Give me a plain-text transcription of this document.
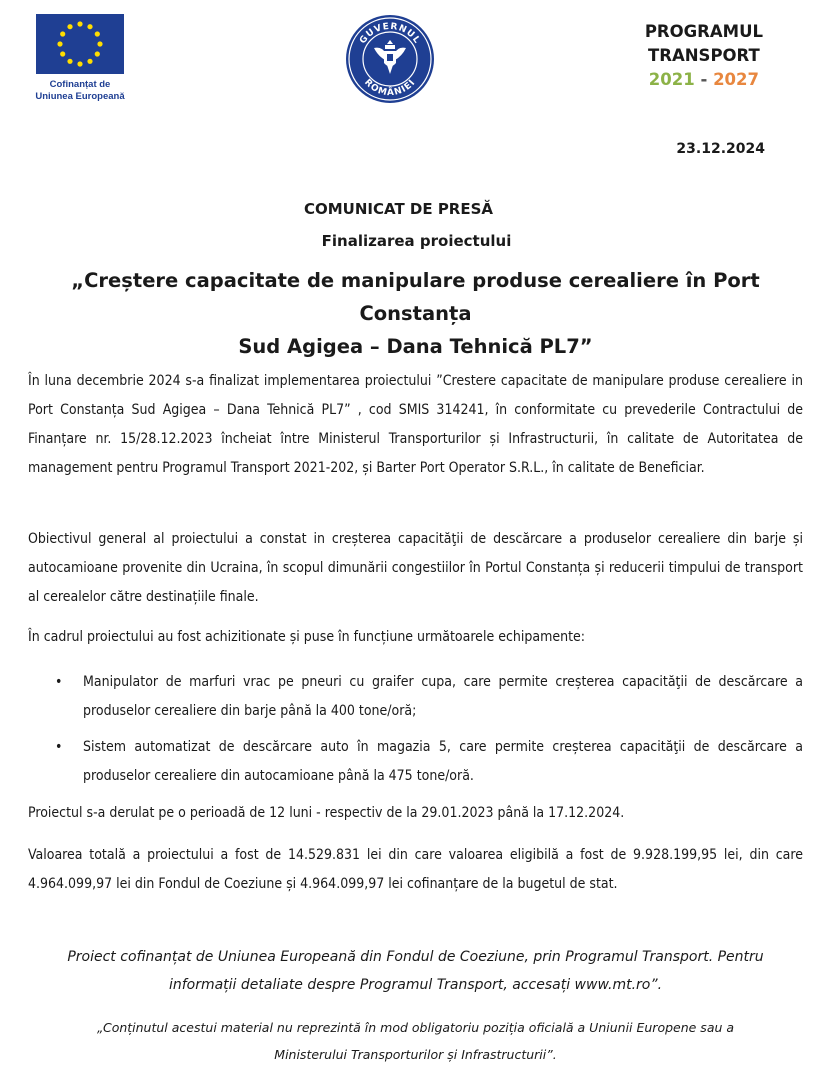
Cofinanțat de
Uniunea Europeană
GUVERNUL
ROMÂNIEI
PROGRAMUL
TRANSPORT
2021 - 2027
23.12.2024
COMUNICAT DE PRESĂ
Finalizarea proiectului
„Creștere capacitate de manipulare produse cerealiere în Port Constanța
Sud Agigea – Dana Tehnică PL7”

În luna decembrie 2024 s-a finalizat implementarea proiectului ”Crestere capacitate de manipulare produse cerealiere in Port Constanța Sud Agigea – Dana Tehnică PL7” , cod SMIS 314241, în conformitate cu prevederile Contractului de Finanțare nr. 15/28.12.2023 încheiat între Ministerul Transporturilor și Infrastructurii, în calitate de Autoritatea de management pentru Programul Transport 2021-202, și Barter Port Operator S.R.L., în calitate de Beneficiar.

Obiectivul general al proiectului a constat in creșterea capacităţii de descărcare a produselor cerealiere din barje și autocamioane provenite din Ucraina, în scopul dimunării congestiilor în Portul Constanța și reducerii timpului de transport al cerealelor către destinațiile finale.

În cadrul proiectului au fost achizitionate și puse în funcțiune următoarele echipamente:

• Manipulator de marfuri vrac pe pneuri cu graifer cupa, care permite creșterea capacităţii de descărcare a produselor cerealiere din barje până la 400 tone/oră;
• Sistem automatizat de descărcare auto în magazia 5, care permite creșterea capacităţii de descărcare a produselor cerealiere din autocamioane până la 475 tone/oră.

Proiectul s-a derulat pe o perioadă de 12 luni - respectiv de la 29.01.2023 până la 17.12.2024.

Valoarea totală a proiectului a fost de 14.529.831 lei din care valoarea eligibilă a fost de 9.928.199,95 lei, din care 4.964.099,97 lei din Fondul de Coeziune și 4.964.099,97 lei cofinanțare de la bugetul de stat.

Proiect cofinanțat de Uniunea Europeană din Fondul de Coeziune, prin Programul Transport. Pentru
informații detaliate despre Programul Transport, accesați www.mt.ro”.
„Conținutul acestui material nu reprezintă în mod obligatoriu poziția oficială a Uniunii Europene sau a
Ministerului Transporturilor și Infrastructurii”.
